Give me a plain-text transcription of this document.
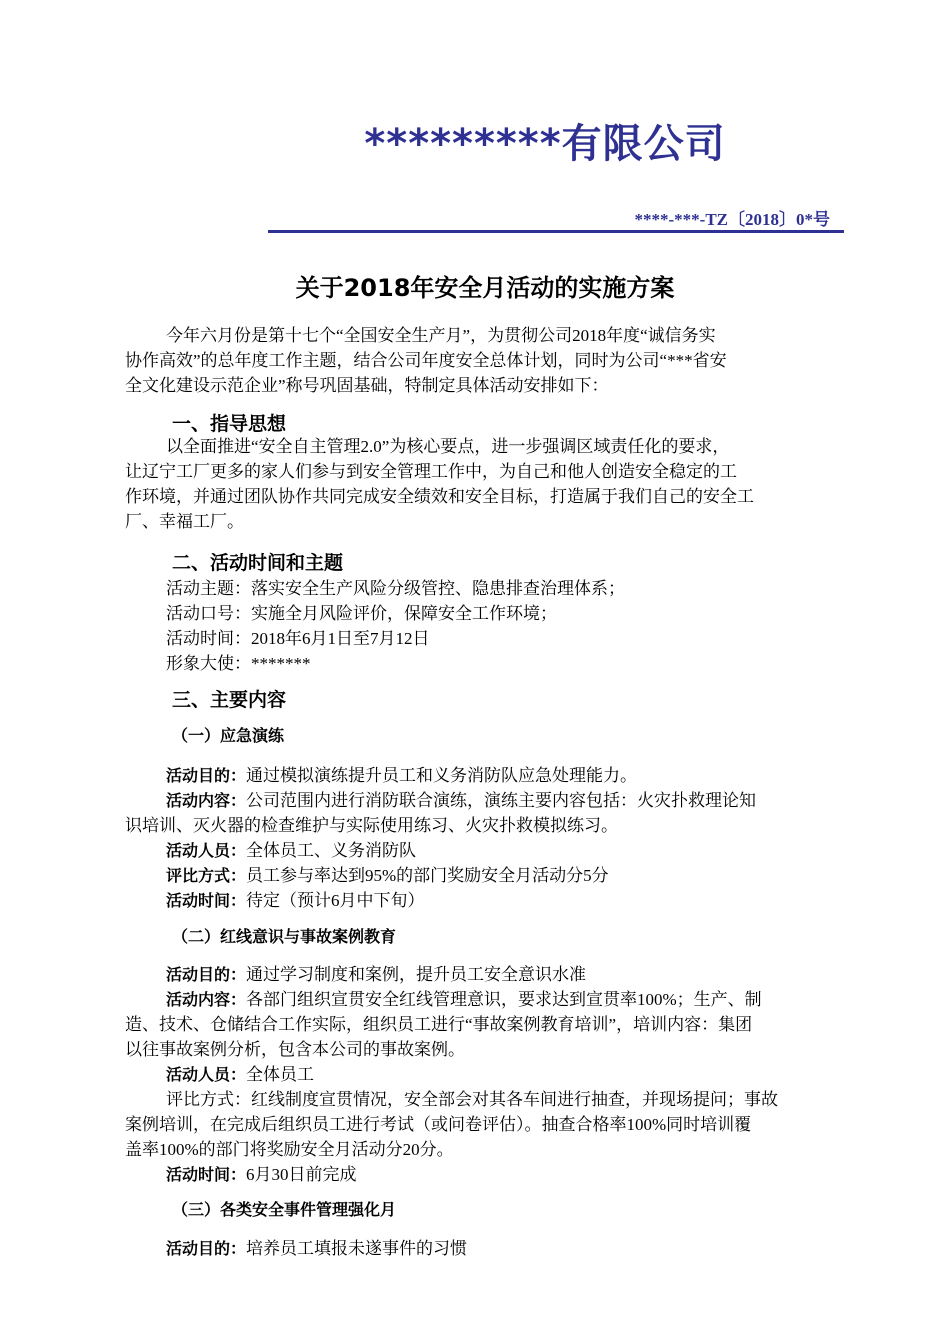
*********有限公司
****-***-TZ〔2018〕0*号
关于2018年安全月活动的实施方案
今年六月份是第十七个“全国安全生产月”，为贯彻公司2018年度“诚信务实
协作高效”的总年度工作主题，结合公司年度安全总体计划，同时为公司“***省安
全文化建设示范企业”称号巩固基础，特制定具体活动安排如下：
一、指导思想
以全面推进“安全自主管理2.0”为核心要点，进一步强调区域责任化的要求，
让辽宁工厂更多的家人们参与到安全管理工作中，为自己和他人创造安全稳定的工
作环境，并通过团队协作共同完成安全绩效和安全目标，打造属于我们自己的安全工
厂、幸福工厂。
二、活动时间和主题
活动主题：落实安全生产风险分级管控、隐患排查治理体系；
活动口号：实施全月风险评价，保障安全工作环境；
活动时间：2018年6月1日至7月12日
形象大使：*******
三、主要内容
（一）应急演练
活动目的：通过模拟演练提升员工和义务消防队应急处理能力。
活动内容：公司范围内进行消防联合演练，演练主要内容包括：火灾扑救理论知
识培训、灭火器的检查维护与实际使用练习、火灾扑救模拟练习。
活动人员：全体员工、义务消防队
评比方式：员工参与率达到95%的部门奖励安全月活动分5分
活动时间：待定（预计6月中下旬）
（二）红线意识与事故案例教育
活动目的：通过学习制度和案例，提升员工安全意识水准
活动内容：各部门组织宣贯安全红线管理意识，要求达到宣贯率100%；生产、制
造、技术、仓储结合工作实际，组织员工进行“事故案例教育培训”，培训内容：集团
以往事故案例分析，包含本公司的事故案例。
活动人员：全体员工
评比方式：红线制度宣贯情况，安全部会对其各车间进行抽查，并现场提问；事故
案例培训，在完成后组织员工进行考试（或问卷评估）。抽查合格率100%同时培训覆
盖率100%的部门将奖励安全月活动分20分。
活动时间：6月30日前完成
（三）各类安全事件管理强化月
活动目的：培养员工填报未遂事件的习惯
